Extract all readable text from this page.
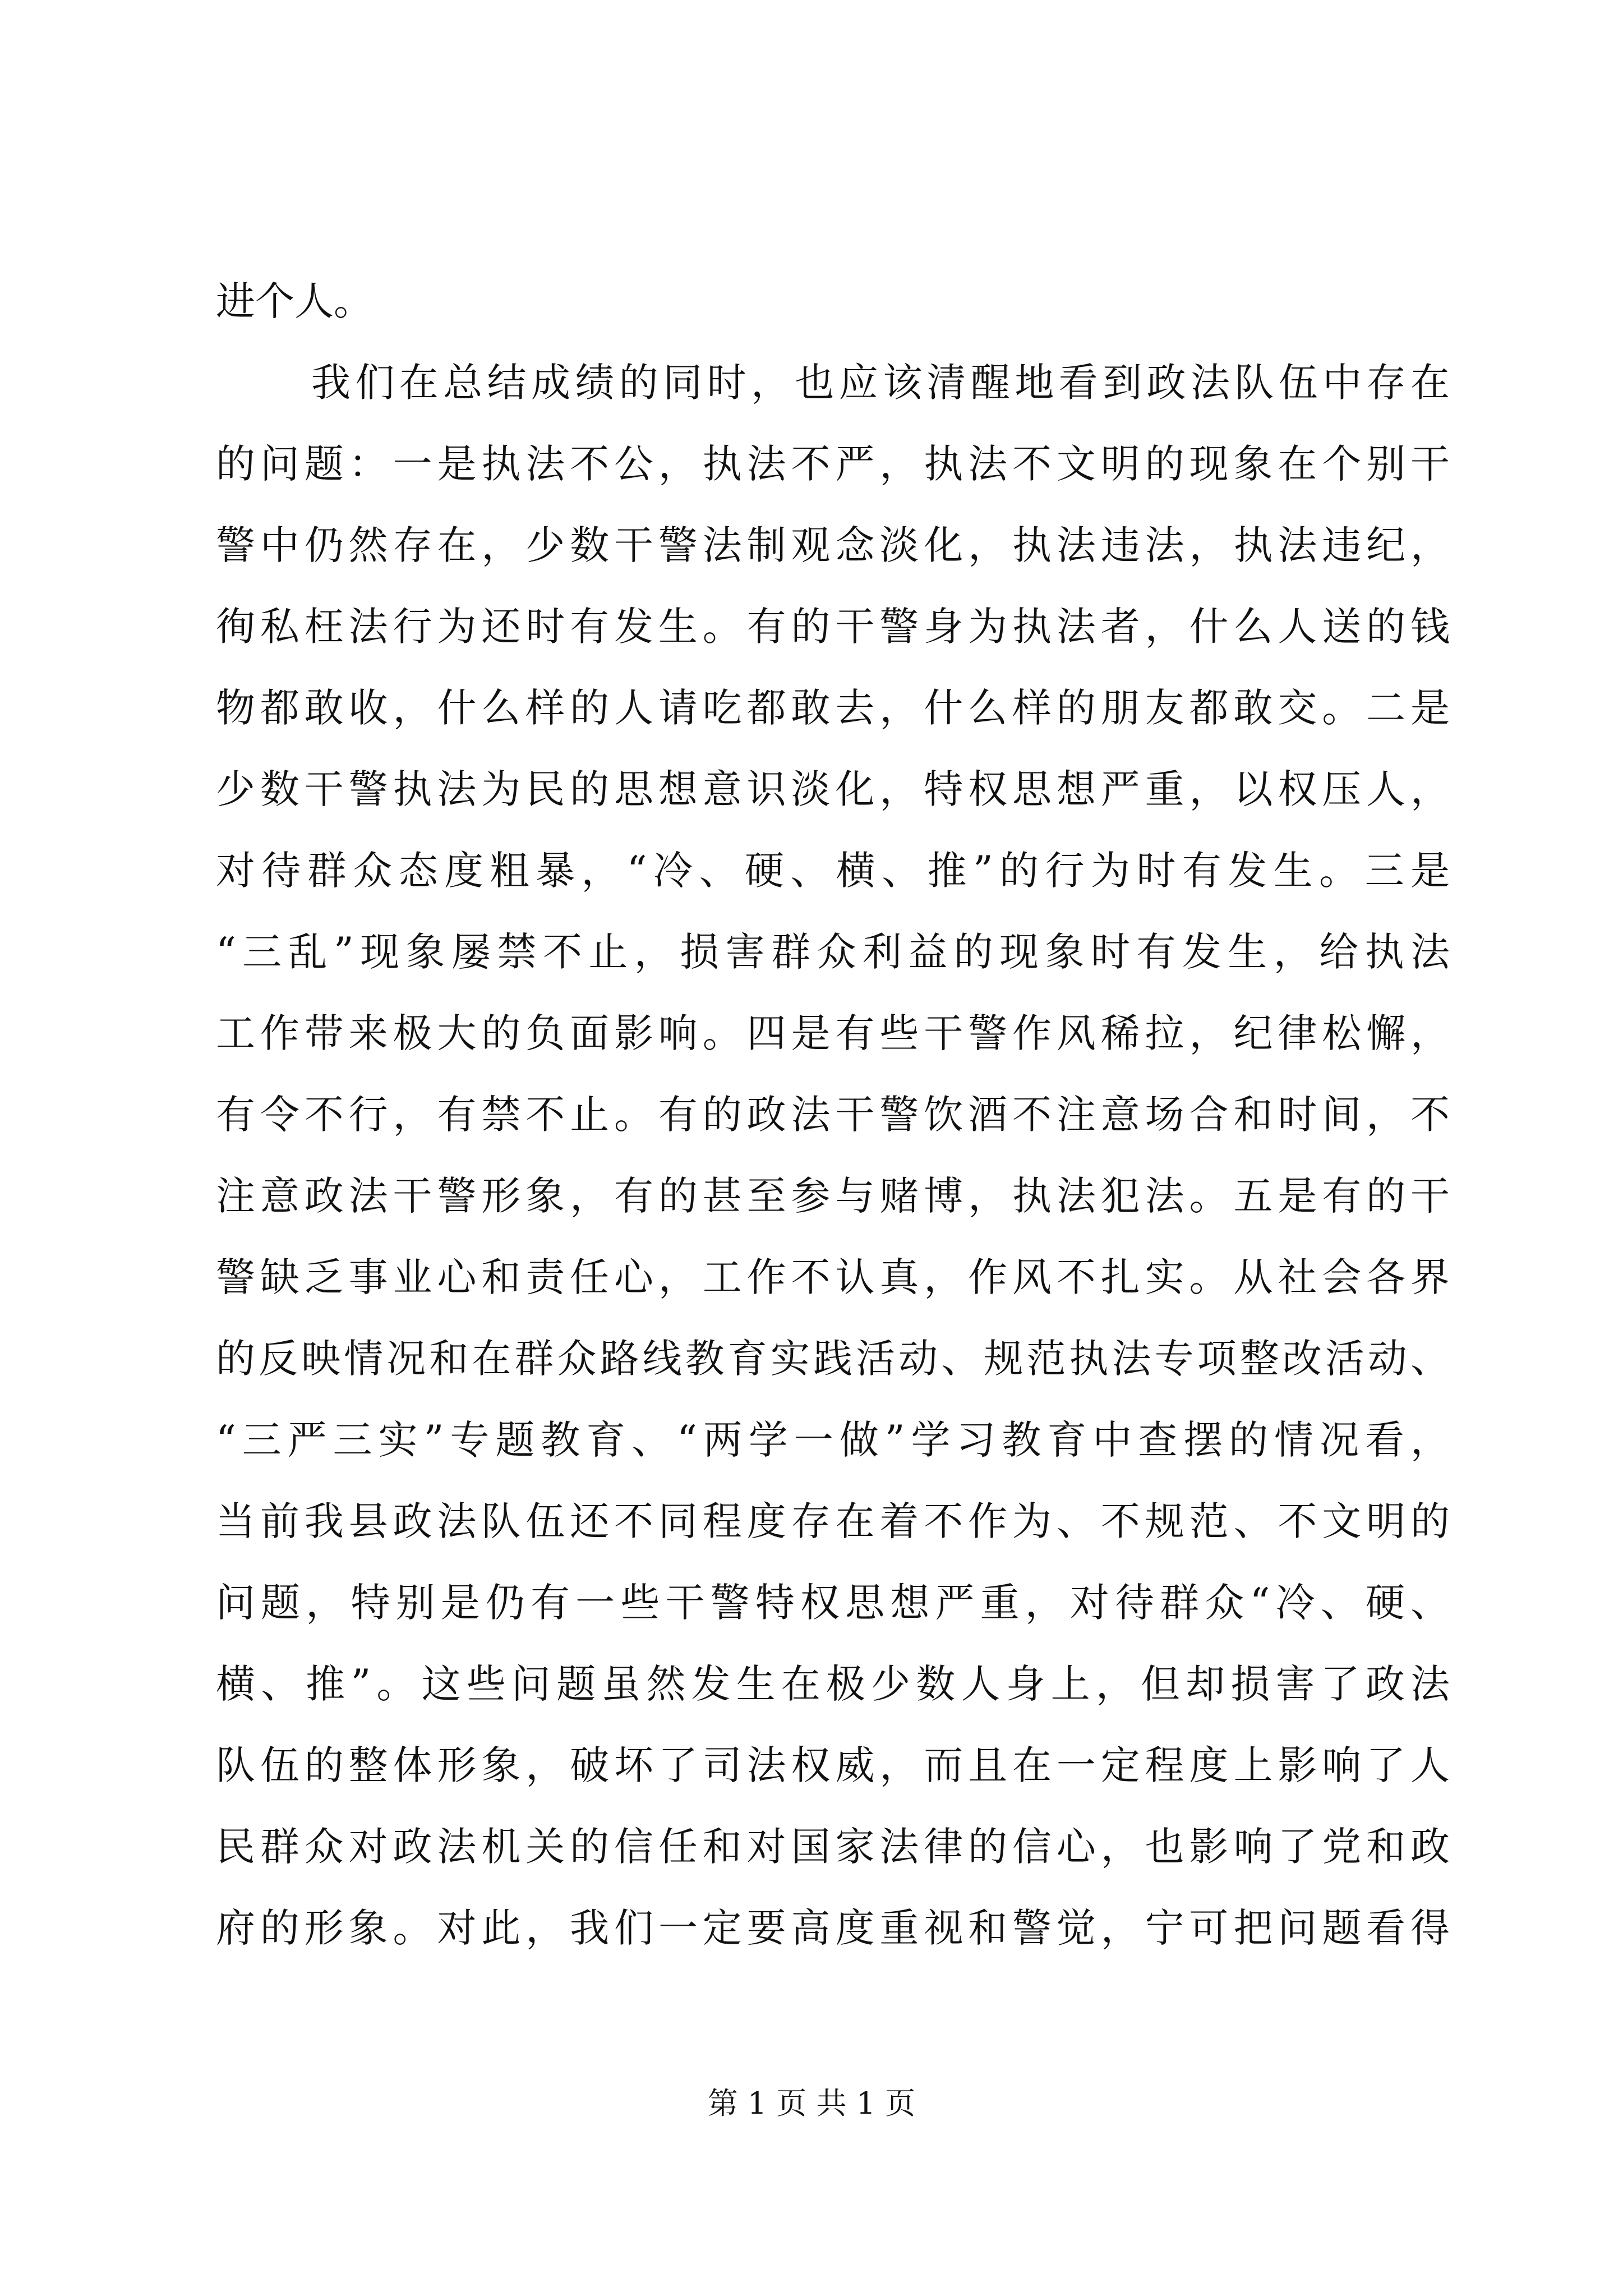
进个人。
我们在总结成绩的同时，也应该清醒地看到政法队伍中存在
的问题：一是执法不公，执法不严，执法不文明的现象在个别干
警中仍然存在，少数干警法制观念淡化，执法违法，执法违纪，
徇私枉法行为还时有发生。有的干警身为执法者，什么人送的钱
物都敢收，什么样的人请吃都敢去，什么样的朋友都敢交。二是
少数干警执法为民的思想意识淡化，特权思想严重，以权压人，
对待群众态度粗暴，“冷、硬、横、推”的行为时有发生。三是
“三乱”现象屡禁不止，损害群众利益的现象时有发生，给执法
工作带来极大的负面影响。四是有些干警作风稀拉，纪律松懈，
有令不行，有禁不止。有的政法干警饮酒不注意场合和时间，不
注意政法干警形象，有的甚至参与赌博，执法犯法。五是有的干
警缺乏事业心和责任心，工作不认真，作风不扎实。从社会各界
的反映情况和在群众路线教育实践活动、规范执法专项整改活动、
“三严三实”专题教育、“两学一做”学习教育中查摆的情况看，
当前我县政法队伍还不同程度存在着不作为、不规范、不文明的
问题，特别是仍有一些干警特权思想严重，对待群众“冷、硬、
横、推”。这些问题虽然发生在极少数人身上，但却损害了政法
队伍的整体形象，破坏了司法权威，而且在一定程度上影响了人
民群众对政法机关的信任和对国家法律的信心，也影响了党和政
府的形象。对此，我们一定要高度重视和警觉，宁可把问题看得
第 1 页 共 1 页
